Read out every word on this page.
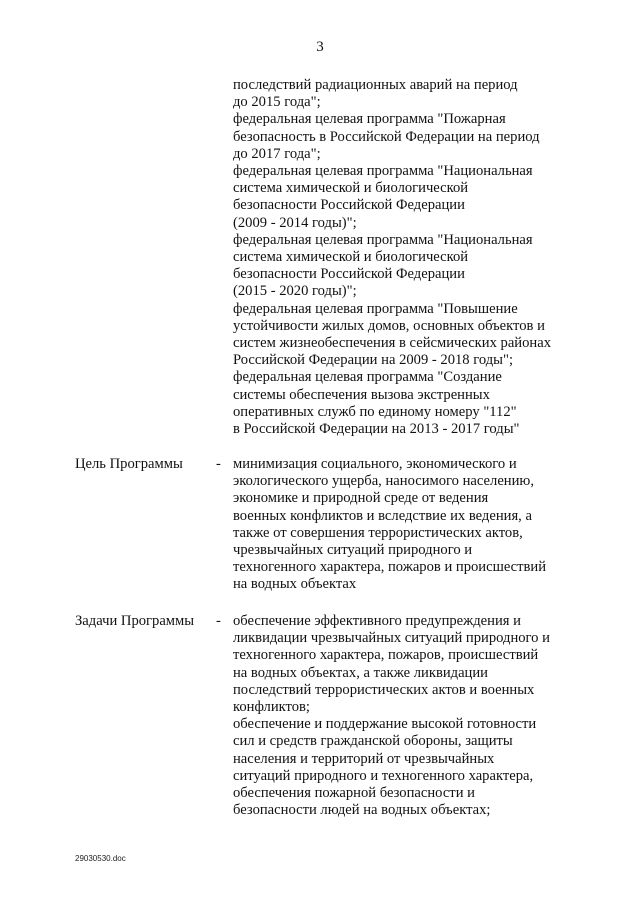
3
последствий радиационных аварий на период
до 2015 года";
федеральная целевая программа "Пожарная
безопасность в Российской Федерации на период
до 2017 года";
федеральная целевая программа "Национальная
система химической и биологической
безопасности Российской Федерации
(2009 - 2014 годы)";
федеральная целевая программа "Национальная
система химической и биологической
безопасности Российской Федерации
(2015 - 2020 годы)";
федеральная целевая программа "Повышение
устойчивости жилых домов, основных объектов и
систем жизнеобеспечения в сейсмических районах
Российской Федерации на 2009 - 2018 годы";
федеральная целевая программа "Создание
системы обеспечения вызова экстренных
оперативных служб по единому номеру "112"
в Российской Федерации на 2013 - 2017 годы"
Цель Программы - минимизация социального, экономического и
экологического ущерба, наносимого населению,
экономике и природной среде от ведения
военных конфликтов и вследствие их ведения, а
также от совершения террористических актов,
чрезвычайных ситуаций природного и
техногенного характера, пожаров и происшествий
на водных объектах
Задачи Программы - обеспечение эффективного предупреждения и
ликвидации чрезвычайных ситуаций природного и
техногенного характера, пожаров, происшествий
на водных объектах, а также ликвидации
последствий террористических актов и военных
конфликтов;
обеспечение и поддержание высокой готовности
сил и средств гражданской обороны, защиты
населения и территорий от чрезвычайных
ситуаций природного и техногенного характера,
обеспечения пожарной безопасности и
безопасности людей на водных объектах;
29030530.doc
